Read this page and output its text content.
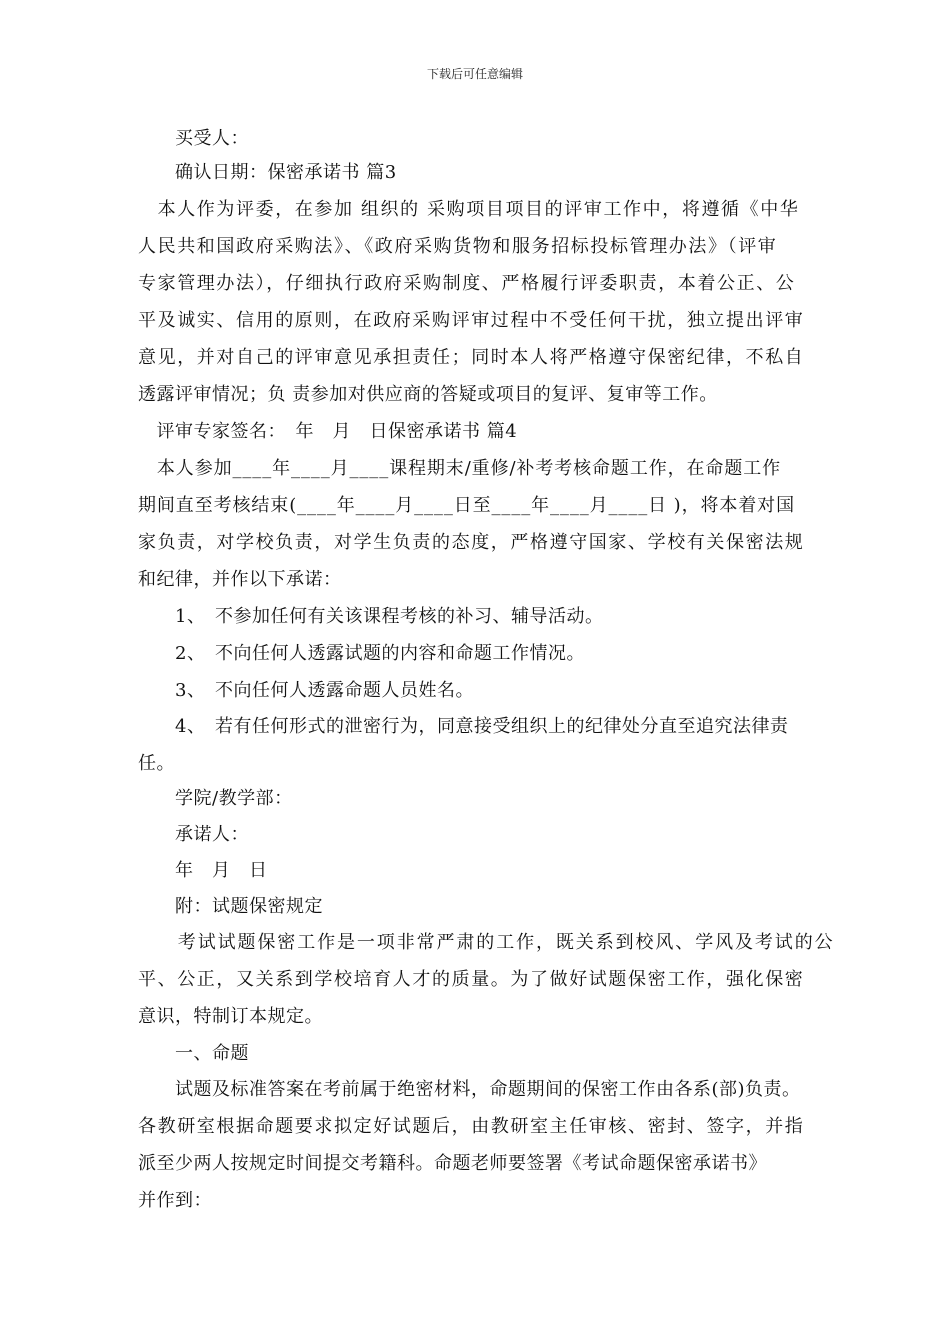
下载后可任意编辑
　　买受人：
　　确认日期：保密承诺书 篇3
　本人作为评委，在参加 组织的 采购项目项目的评审工作中，将遵循《中华
人民共和国政府采购法》、《政府采购货物和服务招标投标管理办法》（评审
专家管理办法），仔细执行政府采购制度、严格履行评委职责，本着公正、公
平及诚实、信用的原则，在政府采购评审过程中不受任何干扰，独立提出评审
意见，并对自己的评审意见承担责任；同时本人将严格遵守保密纪律，不私自
透露评审情况；负 责参加对供应商的答疑或项目的复评、复审等工作。
　评审专家签名：　年　月　日保密承诺书 篇4
　本人参加____年____月____课程期末/重修/补考考核命题工作，在命题工作
期间直至考核结束(____年____月____日至____年____月____日 )，将本着对国
家负责，对学校负责，对学生负责的态度，严格遵守国家、学校有关保密法规
和纪律，并作以下承诺：
　　1、　不参加任何有关该课程考核的补习、辅导活动。
　　2、　不向任何人透露试题的内容和命题工作情况。
　　3、　不向任何人透露命题人员姓名。
　　4、　若有任何形式的泄密行为，同意接受组织上的纪律处分直至追究法律责
任。
　　学院/教学部：
　　承诺人：
　　年　月　日
　　附：试题保密规定
　　考试试题保密工作是一项非常严肃的工作，既关系到校风、学风及考试的公
平、公正，又关系到学校培育人才的质量。为了做好试题保密工作，强化保密
意识，特制订本规定。
　　一、命题
　　试题及标准答案在考前属于绝密材料，命题期间的保密工作由各系(部)负责。
各教研室根据命题要求拟定好试题后，由教研室主任审核、密封、签字，并指
派至少两人按规定时间提交考籍科。命题老师要签署《考试命题保密承诺书》
并作到：
